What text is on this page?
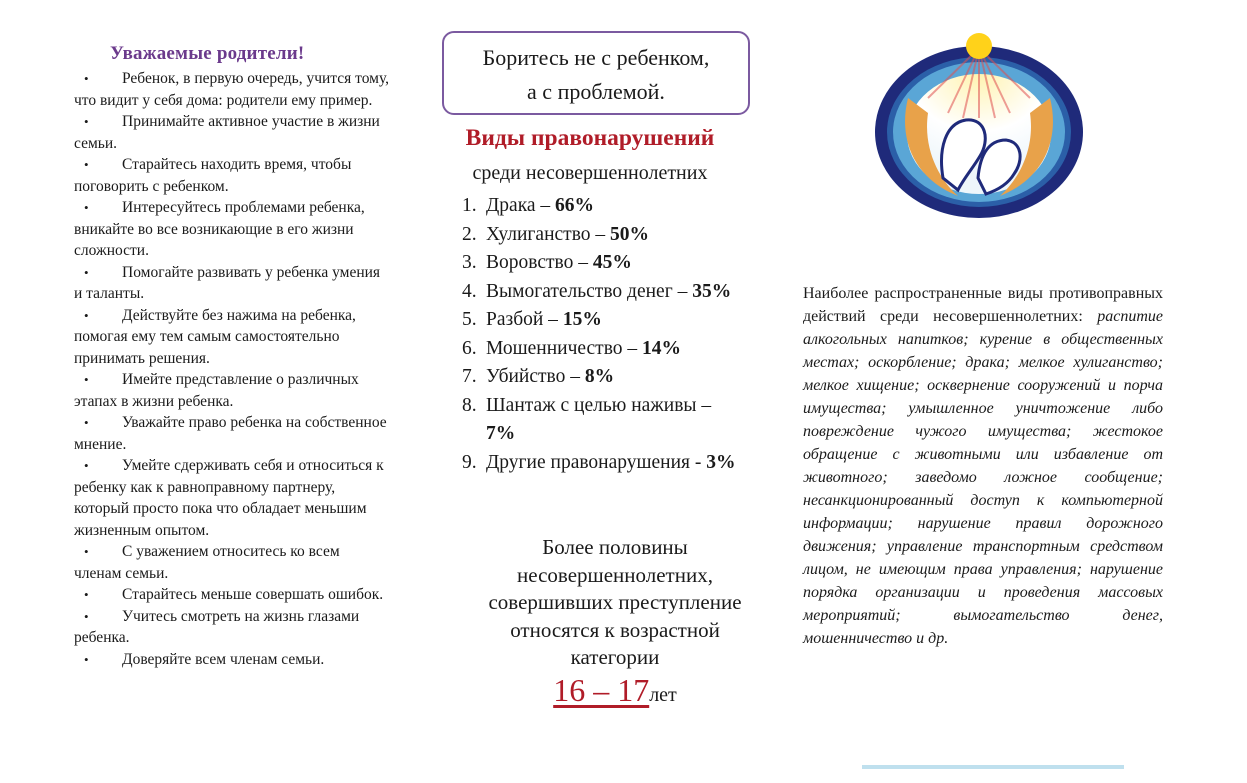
Уважаемые родители!
• Ребенок, в первую очередь, учится тому, что видит у себя дома: родители ему пример.
• Принимайте активное участие в жизни семьи.
• Старайтесь находить время, чтобы поговорить с ребенком.
• Интересуйтесь проблемами ребенка, вникайте во все возникающие в его жизни сложности.
• Помогайте развивать у ребенка умения и таланты.
• Действуйте без нажима на ребенка, помогая ему тем самым самостоятельно принимать решения.
• Имейте представление о различных этапах в жизни ребенка.
• Уважайте право ребенка на собственное мнение.
• Умейте сдерживать себя и относиться к ребенку как к равноправному партнеру, который просто пока что обладает меньшим жизненным опытом.
• С уважением относитесь ко всем членам семьи.
• Старайтесь меньше совершать ошибок.
• Учитесь смотреть на жизнь глазами ребенка.
• Доверяйте всем членам семьи.
Боритесь не с ребенком,
а с проблемой.
Виды правонарушений

среди несовершеннолетних

1. Драка – 66%
2. Хулиганство – 50%
3. Воровство – 45%
4. Вымогательство денег – 35%
5. Разбой – 15%
6. Мошенничество – 14%
7. Убийство – 8%
8. Шантаж с целью наживы – 7%
9. Другие правонарушения - 3%

Более половины несовершеннолетних, совершивших преступление относятся к возрастной категории

16 – 17лет

Наиболее распространенные виды противоправных действий среди несовершеннолетних: распитие алкогольных напитков; курение в общественных местах; оскорбление; драка; мелкое хулиганство; мелкое хищение; осквернение сооружений и порча имущества; умышленное уничтожение либо повреждение чужого имущества; жестокое обращение с животными или избавление от животного; заведомо ложное сообщение; несанкционированный доступ к компьютерной информации; нарушение правил дорожного движения; управление транспортным средством лицом, не имеющим права управления; нарушение порядка организации и проведения массовых мероприятий; вымогательство денег, мошенничество и др.
